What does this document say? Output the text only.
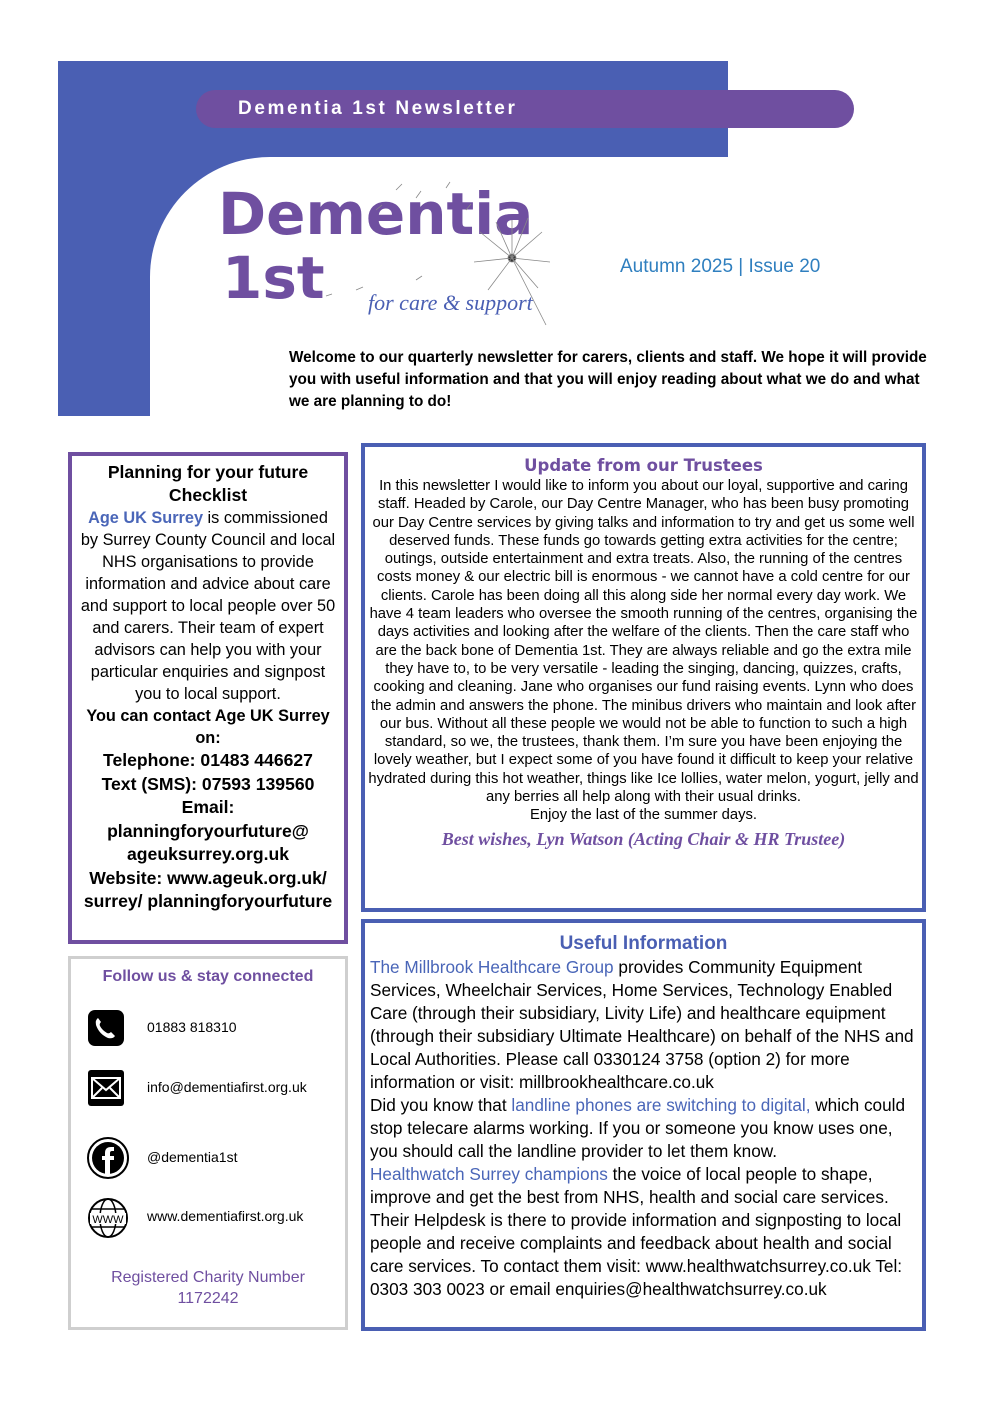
Dementia 1st Newsletter
Dementia
1st for care & support
Autumn 2025 | Issue 20
Welcome to our quarterly newsletter for carers, clients and staff. We hope it will provide you with useful information and that you will enjoy reading about what we do and what we are planning to do!
Planning for your future
Checklist
Age UK Surrey is commissioned by Surrey County Council and local NHS organisations to provide information and advice about care and support to local people over 50 and carers. Their team of expert advisors can help you with your particular enquiries and signpost you to local support.
You can contact Age UK Surrey on:
Telephone: 01483 446627
Text (SMS): 07593 139560
Email:
planningforyourfuture@
ageuksurrey.org.uk
Website: www.ageuk.org.uk/
surrey/ planningforyourfuture
Follow us & stay connected
01883 818310
info@dementiafirst.org.uk
@dementia1st
WWW www.dementiafirst.org.uk
Registered Charity Number
1172242
Update from our Trustees
In this newsletter I would like to inform you about our loyal, supportive and caring staff. Headed by Carole, our Day Centre Manager, who has been busy promoting our Day Centre services by giving talks and information to try and get us some well deserved funds. These funds go towards getting extra activities for the centre; outings, outside entertainment and extra treats. Also, the running of the centres costs money & our electric bill is enormous - we cannot have a cold centre for our clients. Carole has been doing all this along side her normal every day work. We have 4 team leaders who oversee the smooth running of the centres, organising the days activities and looking after the welfare of the clients. Then the care staff who are the back bone of Dementia 1st. They are always reliable and go the extra mile they have to, to be very versatile - leading the singing, dancing, quizzes, crafts, cooking and cleaning. Jane who organises our fund raising events. Lynn who does the admin and answers the phone. The minibus drivers who maintain and look after our bus. Without all these people we would not be able to function to such a high standard, so we, the trustees, thank them. I’m sure you have been enjoying the lovely weather, but I expect some of you have found it difficult to keep your relative hydrated during this hot weather, things like Ice lollies, water melon, yogurt, jelly and any berries all help along with their usual drinks.
Enjoy the last of the summer days.
Best wishes, Lyn Watson (Acting Chair & HR Trustee)
Useful Information
The Millbrook Healthcare Group provides Community Equipment Services, Wheelchair Services, Home Services, Technology Enabled Care (through their subsidiary, Livity Life) and healthcare equipment (through their subsidiary Ultimate Healthcare) on behalf of the NHS and Local Authorities. Please call 0330124 3758 (option 2) for more information or visit: millbrookhealthcare.co.uk
Did you know that landline phones are switching to digital, which could stop telecare alarms working. If you or someone you know uses one, you should call the landline provider to let them know.
Healthwatch Surrey champions the voice of local people to shape, improve and get the best from NHS, health and social care services. Their Helpdesk is there to provide information and signposting to local people and receive complaints and feedback about health and social care services. To contact them visit: www.healthwatchsurrey.co.uk Tel: 0303 303 0023 or email enquiries@healthwatchsurrey.co.uk
